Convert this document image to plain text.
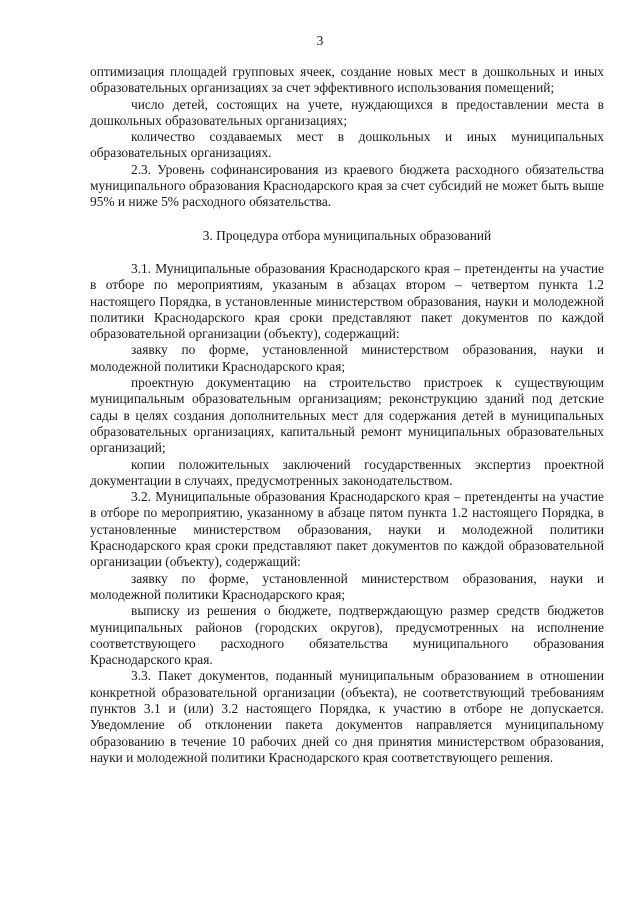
3

оптимизация площадей групповых ячеек, создание новых мест в дошкольных и иных образовательных организациях за счет эффективного использования помещений;

число детей, состоящих на учете, нуждающихся в предоставлении места в дошкольных образовательных организациях;

количество создаваемых мест в дошкольных и иных муниципальных образовательных организациях.

2.3. Уровень софинансирования из краевого бюджета расходного обязательства муниципального образования Краснодарского края за счет субсидий не может быть выше 95% и ниже 5% расходного обязательства.

3. Процедура отбора муниципальных образований

3.1. Муниципальные образования Краснодарского края – претенденты на участие в отборе по мероприятиям, указаным в абзацах втором – четвертом пункта 1.2 настоящего Порядка, в установленные министерством образования, науки и молодежной политики Краснодарского края сроки представляют пакет документов по каждой образовательной организации (объекту), содержащий:

заявку по форме, установленной министерством образования, науки и молодежной политики Краснодарского края;

проектную документацию на строительство пристроек к существующим муниципальным образовательным организациям; реконструкцию зданий под детские сады в целях создания дополнительных мест для содержания детей в муниципальных образовательных организациях, капитальный ремонт муниципальных образовательных организаций;

копии положительных заключений государственных экспертиз проектной документации в случаях, предусмотренных законодательством.

3.2. Муниципальные образования Краснодарского края – претенденты на участие в отборе по мероприятию, указанному в абзаце пятом пункта 1.2 настоящего Порядка, в установленные министерством образования, науки и молодежной политики Краснодарского края сроки представляют пакет документов по каждой образовательной организации (объекту), содержащий:

заявку по форме, установленной министерством образования, науки и молодежной политики Краснодарского края;

выписку из решения о бюджете, подтверждающую размер средств бюджетов муниципальных районов (городских округов), предусмотренных на исполнение соответствующего расходного обязательства муниципального образования Краснодарского края.

3.3. Пакет документов, поданный муниципальным образованием в отношении конкретной образовательной организации (объекта), не соответствующий требованиям пунктов 3.1 и (или) 3.2 настоящего Порядка, к участию в отборе не допускается. Уведомление об отклонении пакета документов направляется муниципальному образованию в течение 10 рабочих дней со дня принятия министерством образования, науки и молодежной политики Краснодарского края соответствующего решения.
